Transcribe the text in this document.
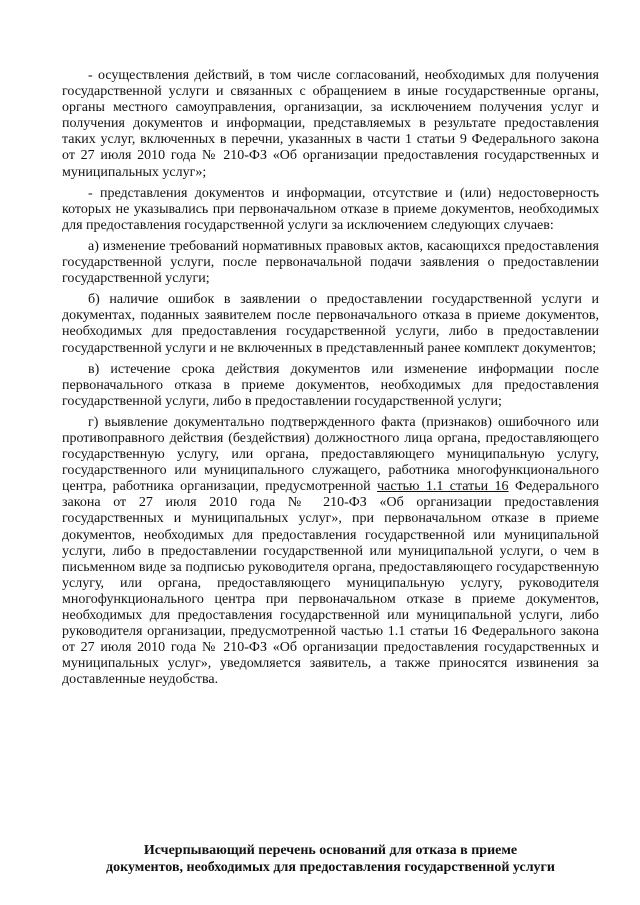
- осуществления действий, в том числе согласований, необходимых для получения государственной услуги и связанных с обращением в иные государственные органы, органы местного самоуправления, организации, за исключением получения услуг и получения документов и информации, представляемых в результате предоставления таких услуг, включенных в перечни, указанных в части 1 статьи 9 Федерального закона от 27 июля 2010 года № 210-ФЗ «Об организации предоставления государственных и муниципальных услуг»;

- представления документов и информации, отсутствие и (или) недостоверность которых не указывались при первоначальном отказе в приеме документов, необходимых для предоставления государственной услуги за исключением следующих случаев:

а) изменение требований нормативных правовых актов, касающихся предоставления государственной услуги, после первоначальной подачи заявления о предоставлении государственной услуги;

б) наличие ошибок в заявлении о предоставлении государственной услуги и документах, поданных заявителем после первоначального отказа в приеме документов, необходимых для предоставления государственной услуги, либо в предоставлении государственной услуги и не включенных в представленный ранее комплект документов;

в) истечение срока действия документов или изменение информации после первоначального отказа в приеме документов, необходимых для предоставления государственной услуги, либо в предоставлении государственной услуги;

г) выявление документально подтвержденного факта (признаков) ошибочного или противоправного действия (бездействия) должностного лица органа, предоставляющего государственную услугу, или органа, предоставляющего муниципальную услугу, государственного или муниципального служащего, работника многофункционального центра, работника организации, предусмотренной частью 1.1 статьи 16 Федерального закона от 27 июля 2010 года № 210-ФЗ «Об организации предоставления государственных и муниципальных услуг», при первоначальном отказе в приеме документов, необходимых для предоставления государственной или муниципальной услуги, либо в предоставлении государственной или муниципальной услуги, о чем в письменном виде за подписью руководителя органа, предоставляющего государственную услугу, или органа, предоставляющего муниципальную услугу, руководителя многофункционального центра при первоначальном отказе в приеме документов, необходимых для предоставления государственной или муниципальной услуги, либо руководителя организации, предусмотренной частью 1.1 статьи 16 Федерального закона от 27 июля 2010 года № 210-ФЗ «Об организации предоставления государственных и муниципальных услуг», уведомляется заявитель, а также приносятся извинения за доставленные неудобства.

Исчерпывающий перечень оснований для отказа в приеме
документов, необходимых для предоставления государственной услуги
